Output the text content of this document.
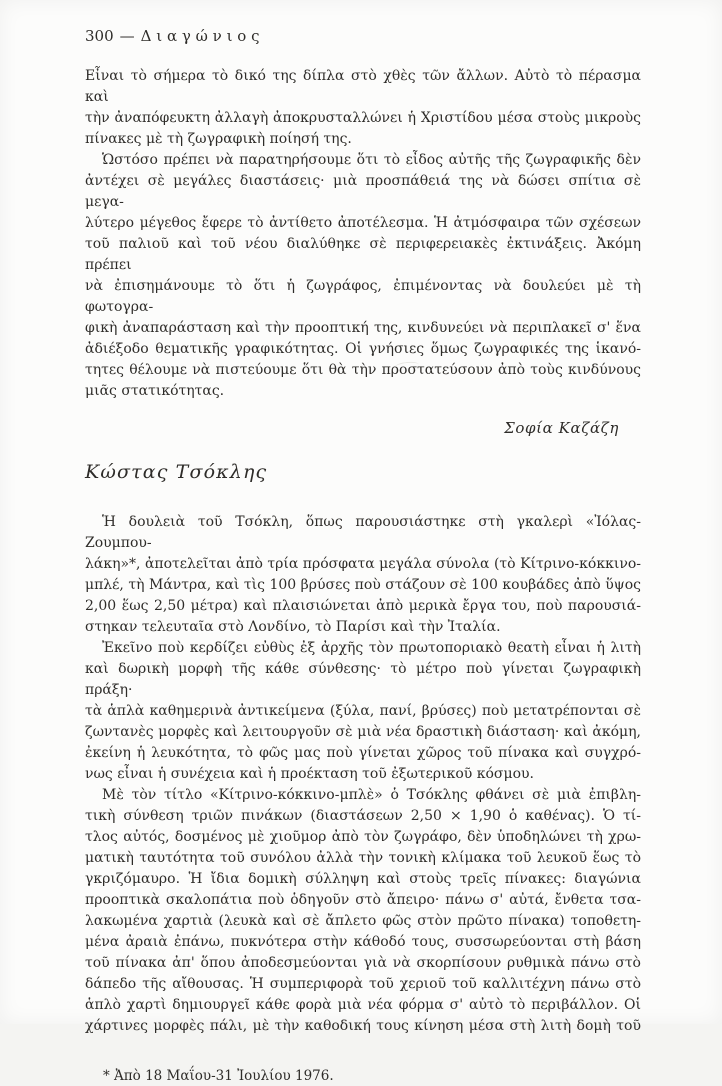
300 — Διαγώνιος
Εἶναι τὸ σήμερα τὸ δικό της δίπλα στὸ χθὲς τῶν ἄλλων. Αὐτὸ τὸ πέρασμα καὶ
τὴν ἀναπόφευκτη ἀλλαγὴ ἀποκρυσταλλώνει ἡ Χριστίδου μέσα στοὺς μικροὺς
πίνακες μὲ τὴ ζωγραφικὴ ποίησή της.
Ὡστόσο πρέπει νὰ παρατηρήσουμε ὅτι τὸ εἶδος αὐτῆς τῆς ζωγραφικῆς δὲν
ἀντέχει σὲ μεγάλες διαστάσεις· μιὰ προσπάθειά της νὰ δώσει σπίτια σὲ μεγα-
λύτερο μέγεθος ἔφερε τὸ ἀντίθετο ἀποτέλεσμα. Ἡ ἀτμόσφαιρα τῶν σχέσεων
τοῦ παλιοῦ καὶ τοῦ νέου διαλύθηκε σὲ περιφερειακὲς ἐκτινάξεις. Ἀκόμη πρέπει
νὰ ἐπισημάνουμε τὸ ὅτι ἡ ζωγράφος, ἐπιμένοντας νὰ δουλεύει μὲ τὴ φωτογρα-
φικὴ ἀναπαράσταση καὶ τὴν προοπτική της, κινδυνεύει νὰ περιπλακεῖ σ' ἕνα
ἀδιέξοδο θεματικῆς γραφικότητας. Οἱ γνήσιες ὅμως ζωγραφικές της ἱκανό-
τητες θέλουμε νὰ πιστεύουμε ὅτι θὰ τὴν προστατεύσουν ἀπὸ τοὺς κινδύνους
μιᾶς στατικότητας.
Σοφία Καζάζη
Κώστας Τσόκλης
Ἡ δουλειὰ τοῦ Τσόκλη, ὅπως παρουσιάστηκε στὴ γκαλερὶ «Ἰόλας-Ζουμπου-
λάκη»*, ἀποτελεῖται ἀπὸ τρία πρόσφατα μεγάλα σύνολα (τὸ Κίτρινο-κόκκινο-
μπλέ, τὴ Μάντρα, καὶ τὶς 100 βρύσες ποὺ στάζουν σὲ 100 κουβάδες ἀπὸ ὕψος
2,00 ἕως 2,50 μέτρα) καὶ πλαισιώνεται ἀπὸ μερικὰ ἔργα του, ποὺ παρουσιά-
στηκαν τελευταῖα στὸ Λονδίνο, τὸ Παρίσι καὶ τὴν Ἰταλία.
Ἐκεῖνο ποὺ κερδίζει εὐθὺς ἐξ ἀρχῆς τὸν πρωτοποριακὸ θεατὴ εἶναι ἡ λιτὴ
καὶ δωρικὴ μορφὴ τῆς κάθε σύνθεσης· τὸ μέτρο ποὺ γίνεται ζωγραφικὴ πράξη·
τὰ ἁπλὰ καθημερινὰ ἀντικείμενα (ξύλα, πανί, βρύσες) ποὺ μετατρέπονται σὲ
ζωντανὲς μορφὲς καὶ λειτουργοῦν σὲ μιὰ νέα δραστικὴ διάσταση· καὶ ἀκόμη,
ἐκείνη ἡ λευκότητα, τὸ φῶς μας ποὺ γίνεται χῶρος τοῦ πίνακα καὶ συγχρό-
νως εἶναι ἡ συνέχεια καὶ ἡ προέκταση τοῦ ἐξωτερικοῦ κόσμου.
Μὲ τὸν τίτλο «Κίτρινο-κόκκινο-μπλὲ» ὁ Τσόκλης φθάνει σὲ μιὰ ἐπιβλη-
τικὴ σύνθεση τριῶν πινάκων (διαστάσεων 2,50 × 1,90 ὁ καθένας). Ὁ τί-
τλος αὐτός, δοσμένος μὲ χιοῦμορ ἀπὸ τὸν ζωγράφο, δὲν ὑποδηλώνει τὴ χρω-
ματικὴ ταυτότητα τοῦ συνόλου ἀλλὰ τὴν τονικὴ κλίμακα τοῦ λευκοῦ ἕως τὸ
γκριζόμαυρο. Ἡ ἴδια δομικὴ σύλληψη καὶ στοὺς τρεῖς πίνακες: διαγώνια
προοπτικὰ σκαλοπάτια ποὺ ὁδηγοῦν στὸ ἄπειρο· πάνω σ' αὐτά, ἔνθετα τσα-
λακωμένα χαρτιὰ (λευκὰ καὶ σὲ ἄπλετο φῶς στὸν πρῶτο πίνακα) τοποθετη-
μένα ἀραιὰ ἐπάνω, πυκνότερα στὴν κάθοδό τους, συσσωρεύονται στὴ βάση
τοῦ πίνακα ἀπ' ὅπου ἀποδεσμεύονται γιὰ νὰ σκορπίσουν ρυθμικὰ πάνω στὸ
δάπεδο τῆς αἴθουσας. Ἡ συμπεριφορὰ τοῦ χεριοῦ τοῦ καλλιτέχνη πάνω στὸ
ἁπλὸ χαρτὶ δημιουργεῖ κάθε φορὰ μιὰ νέα φόρμα σ' αὐτὸ τὸ περιβάλλον. Οἱ
χάρτινες μορφὲς πάλι, μὲ τὴν καθοδική τους κίνηση μέσα στὴ λιτὴ δομὴ τοῦ
* Ἀπὸ 18 Μαΐου-31 Ἰουλίου 1976.
